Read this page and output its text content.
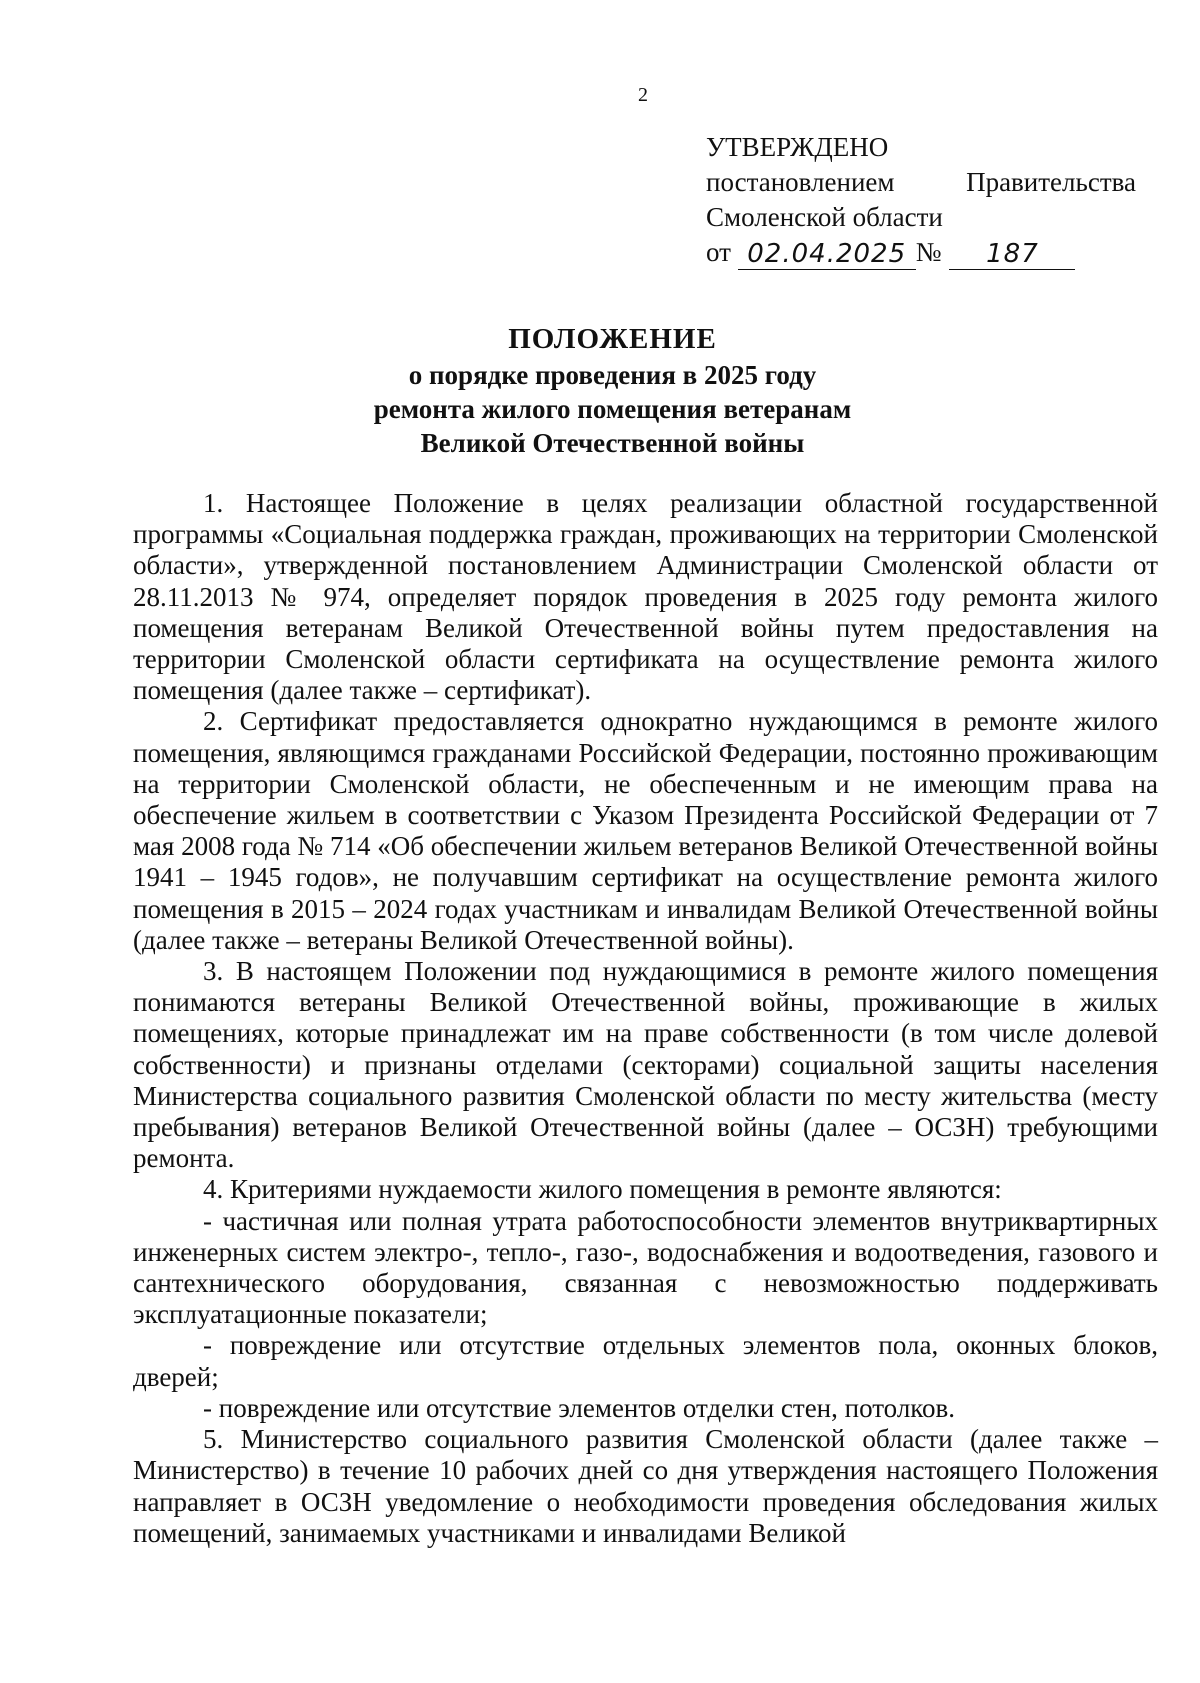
2
УТВЕРЖДЕНО
постановлением	Правительства
Смоленской области
от
02.04.2025 №	187
ПОЛОЖЕНИЕ
о порядке проведения в 2025 году
ремонта жилого помещения ветеранам
Великой Отечественной войны

1. Настоящее Положение в целях реализации областной государственной программы «Социальная поддержка граждан, проживающих на территории Смоленской области», утвержденной постановлением Администрации Смоленской области от 28.11.2013 № 974, определяет порядок проведения в 2025 году ремонта жилого помещения ветеранам Великой Отечественной войны путем предоставления на территории Смоленской области сертификата на осуществление ремонта жилого помещения (далее также – сертификат).

2. Сертификат предоставляется однократно нуждающимся в ремонте жилого помещения, являющимся гражданами Российской Федерации, постоянно проживающим на территории Смоленской области, не обеспеченным и не имеющим права на обеспечение жильем в соответствии с Указом Президента Российской Федерации от 7 мая 2008 года № 714 «Об обеспечении жильем ветеранов Великой Отечественной войны 1941 – 1945 годов», не получавшим сертификат на осуществление ремонта жилого помещения в 2015 – 2024 годах участникам и инвалидам Великой Отечественной войны (далее также – ветераны Великой Отечественной войны).

3. В настоящем Положении под нуждающимися в ремонте жилого помещения понимаются ветераны Великой Отечественной войны, проживающие в жилых помещениях, которые принадлежат им на праве собственности (в том числе долевой собственности) и признаны отделами (секторами) социальной защиты населения Министерства социального развития Смоленской области по месту жительства (месту пребывания) ветеранов Великой Отечественной войны (далее – ОСЗН) требующими ремонта.

4. Критериями нуждаемости жилого помещения в ремонте являются:

- частичная или полная утрата работоспособности элементов внутриквартирных инженерных систем электро-, тепло-, газо-, водоснабжения и водоотведения, газового и сантехнического оборудования, связанная с невозможностью поддерживать эксплуатационные показатели;

- повреждение или отсутствие отдельных элементов пола, оконных блоков, дверей;

- повреждение или отсутствие элементов отделки стен, потолков.

5. Министерство социального развития Смоленской области (далее также – Министерство) в течение 10 рабочих дней со дня утверждения настоящего Положения направляет в ОСЗН уведомление о необходимости проведения обследования жилых помещений, занимаемых участниками и инвалидами Великой
